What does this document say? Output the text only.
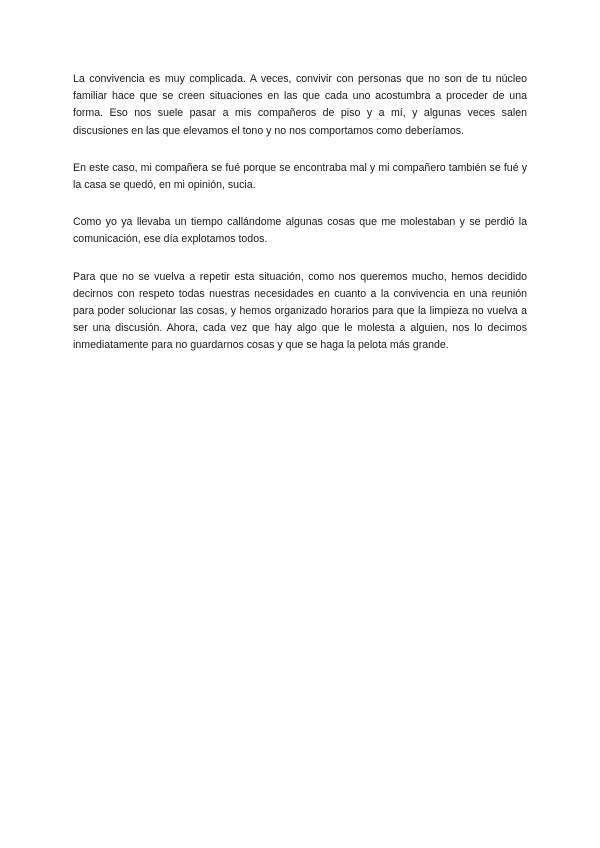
La convivencia es muy complicada. A veces, convivir con personas que no son de tu núcleo familiar hace que se creen situaciones en las que cada uno acostumbra a proceder de una forma. Eso nos suele pasar a mis compañeros de piso y a mí, y algunas veces salen discusiones en las que elevamos el tono y no nos comportamos como deberíamos.

En este caso, mi compañera se fué porque se encontraba mal y mi compañero también se fué y la casa se quedó, en mi opinión, sucia.

Como yo ya llevaba un tiempo callándome algunas cosas que me molestaban y se perdió la comunicación, ese día explotamos todos.

Para que no se vuelva a repetir esta situación, como nos queremos mucho, hemos decidido decirnos con respeto todas nuestras necesidades en cuanto a la convivencia en una reunión para poder solucionar las cosas, y hemos organizado horarios para que la limpieza no vuelva a ser una discusión. Ahora, cada vez que hay algo que le molesta a alguien, nos lo decimos inmediatamente para no guardarnos cosas y que se haga la pelota más grande.
